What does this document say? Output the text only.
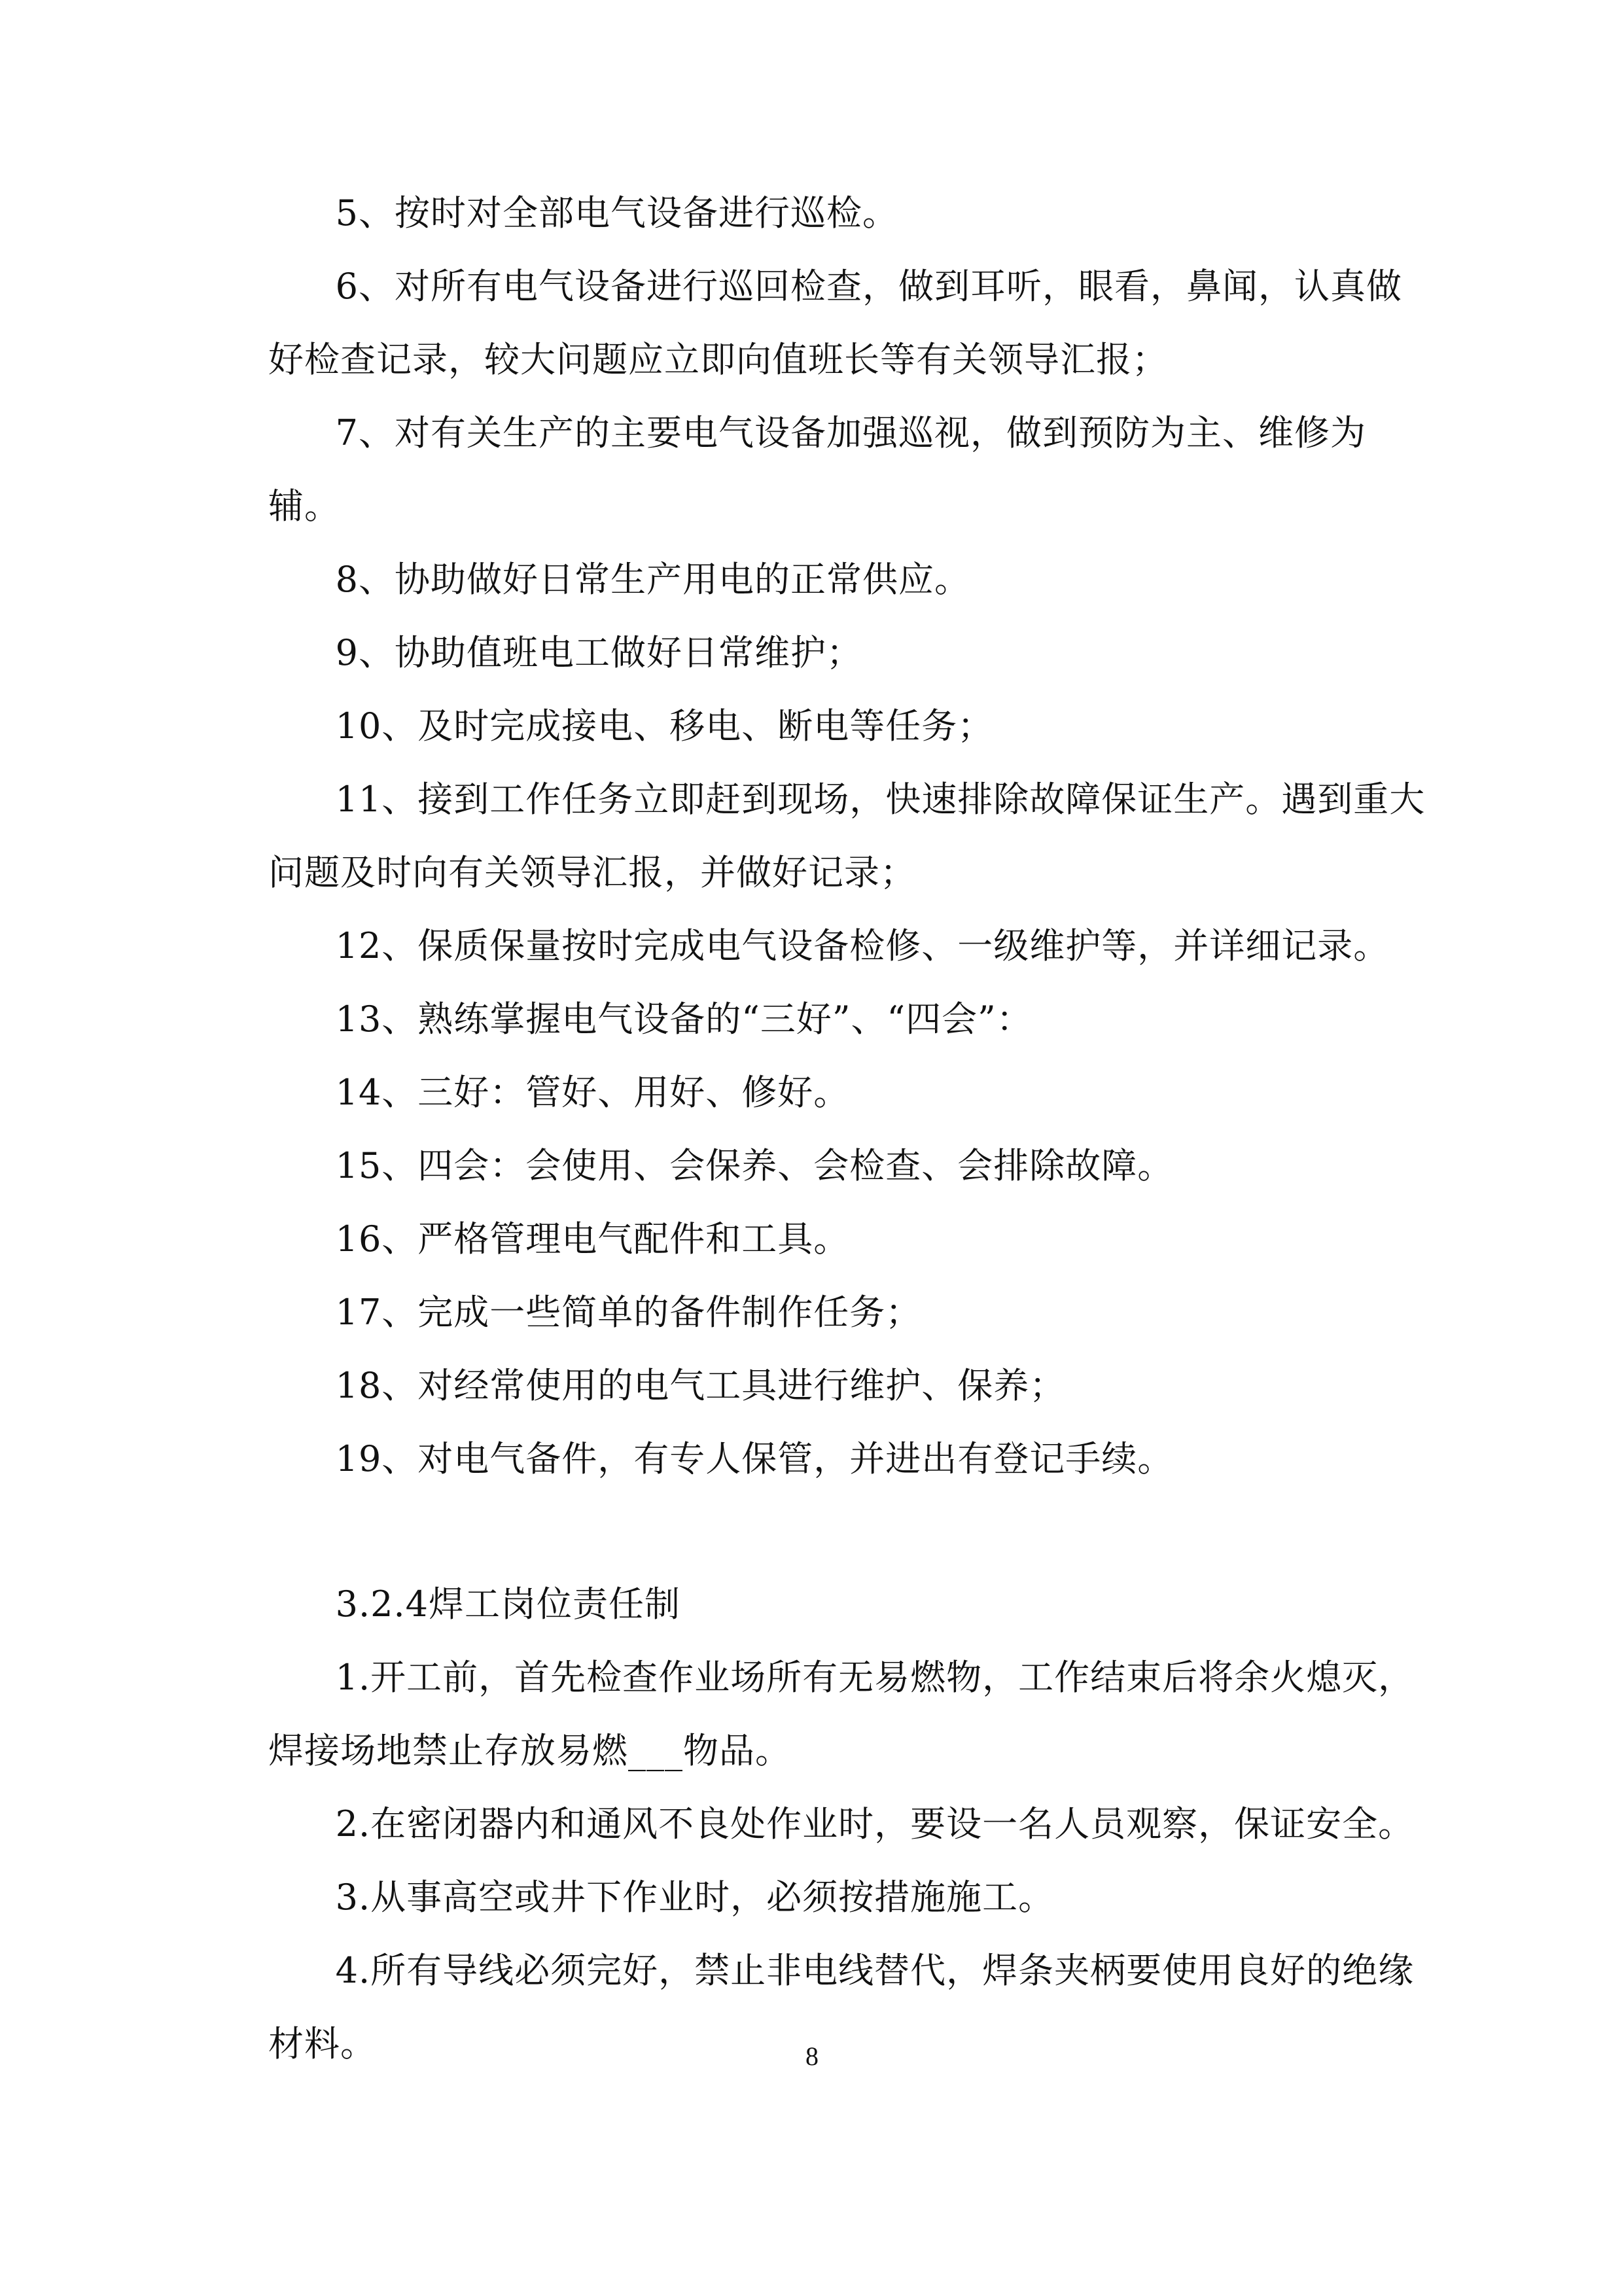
5、按时对全部电气设备进行巡检。

6、对所有电气设备进行巡回检查，做到耳听，眼看，鼻闻，认真做好检查记录，较大问题应立即向值班长等有关领导汇报；

7、对有关生产的主要电气设备加强巡视，做到预防为主、维修为辅。

8、协助做好日常生产用电的正常供应。

9、协助值班电工做好日常维护；

10、及时完成接电、移电、断电等任务；

11、接到工作任务立即赶到现场，快速排除故障保证生产。遇到重大问题及时向有关领导汇报，并做好记录；

12、保质保量按时完成电气设备检修、一级维护等，并详细记录。

13、熟练掌握电气设备的“三好”、“四会”：

14、三好：管好、用好、修好。

15、四会：会使用、会保养、会检查、会排除故障。

16、严格管理电气配件和工具。

17、完成一些简单的备件制作任务；

18、对经常使用的电气工具进行维护、保养；

19、对电气备件，有专人保管，并进出有登记手续。

3.2.4焊工岗位责任制

1.开工前，首先检查作业场所有无易燃物，工作结束后将余火熄灭，焊接场地禁止存放易燃___物品。

2.在密闭器内和通风不良处作业时，要设一名人员观察，保证安全。

3.从事高空或井下作业时，必须按措施施工。

4.所有导线必须完好，禁止非电线替代，焊条夹柄要使用良好的绝缘材料。	8
